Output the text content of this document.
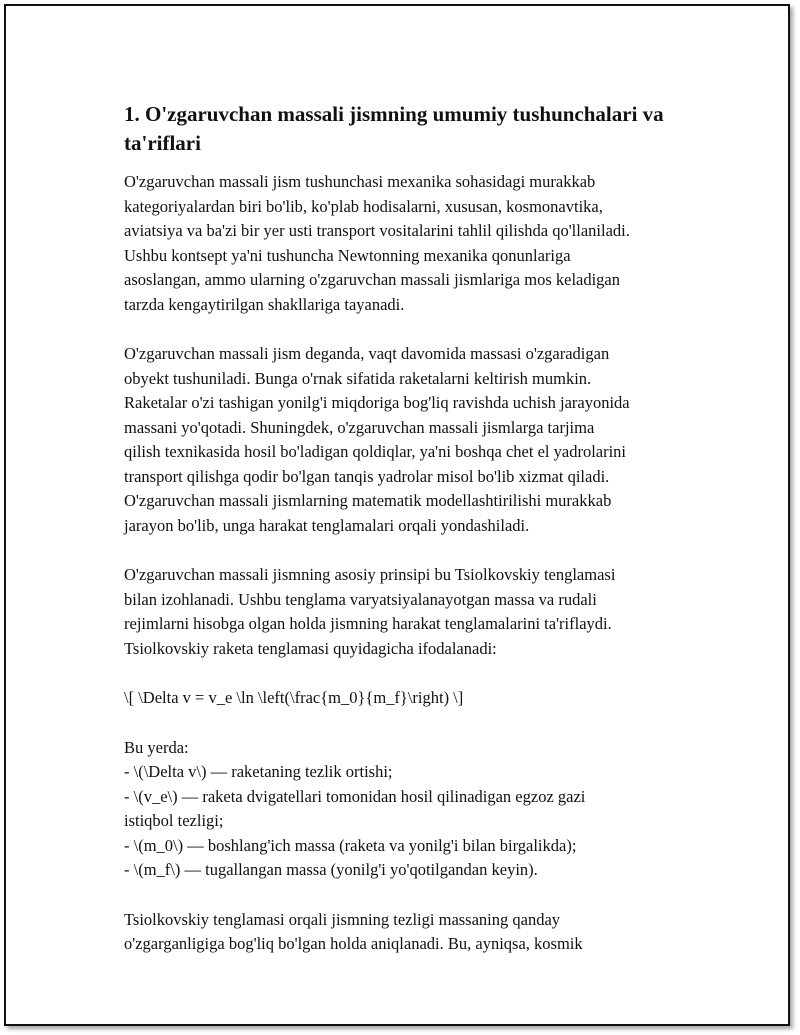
1. O'zgaruvchan massali jismning umumiy tushunchalari va
ta'riflari

O'zgaruvchan massali jism tushunchasi mexanika sohasidagi murakkab
kategoriyalardan biri bo'lib, ko'plab hodisalarni, xususan, kosmonavtika,
aviatsiya va ba'zi bir yer usti transport vositalarini tahlil qilishda qo'llaniladi.
Ushbu kontsept ya'ni tushuncha Newtonning mexanika qonunlariga
asoslangan, ammo ularning o'zgaruvchan massali jismlariga mos keladigan
tarzda kengaytirilgan shakllariga tayanadi.

O'zgaruvchan massali jism deganda, vaqt davomida massasi o'zgaradigan
obyekt tushuniladi. Bunga o'rnak sifatida raketalarni keltirish mumkin.
Raketalar o'zi tashigan yonilg'i miqdoriga bog'liq ravishda uchish jarayonida
massani yo'qotadi. Shuningdek, o'zgaruvchan massali jismlarga tarjima
qilish texnikasida hosil bo'ladigan qoldiqlar, ya'ni boshqa chet el yadrolarini
transport qilishga qodir bo'lgan tanqis yadrolar misol bo'lib xizmat qiladi.
O'zgaruvchan massali jismlarning matematik modellashtirilishi murakkab
jarayon bo'lib, unga harakat tenglamalari orqali yondashiladi.

O'zgaruvchan massali jismning asosiy prinsipi bu Tsiolkovskiy tenglamasi
bilan izohlanadi. Ushbu tenglama varyatsiyalanayotgan massa va rudali
rejimlarni hisobga olgan holda jismning harakat tenglamalarini ta'riflaydi.
Tsiolkovskiy raketa tenglamasi quyidagicha ifodalanadi:

\[ \Delta v = v_e \ln \left(\frac{m_0}{m_f}\right) \]

Bu yerda:
- \(\Delta v\) — raketaning tezlik ortishi;
- \(v_e\) — raketa dvigatellari tomonidan hosil qilinadigan egzoz gazi
istiqbol tezligi;
- \(m_0\) — boshlang'ich massa (raketa va yonilg'i bilan birgalikda);
- \(m_f\) — tugallangan massa (yonilg'i yo'qotilgandan keyin).

Tsiolkovskiy tenglamasi orqali jismning tezligi massaning qanday
o'zgarganligiga bog'liq bo'lgan holda aniqlanadi. Bu, ayniqsa, kosmik
